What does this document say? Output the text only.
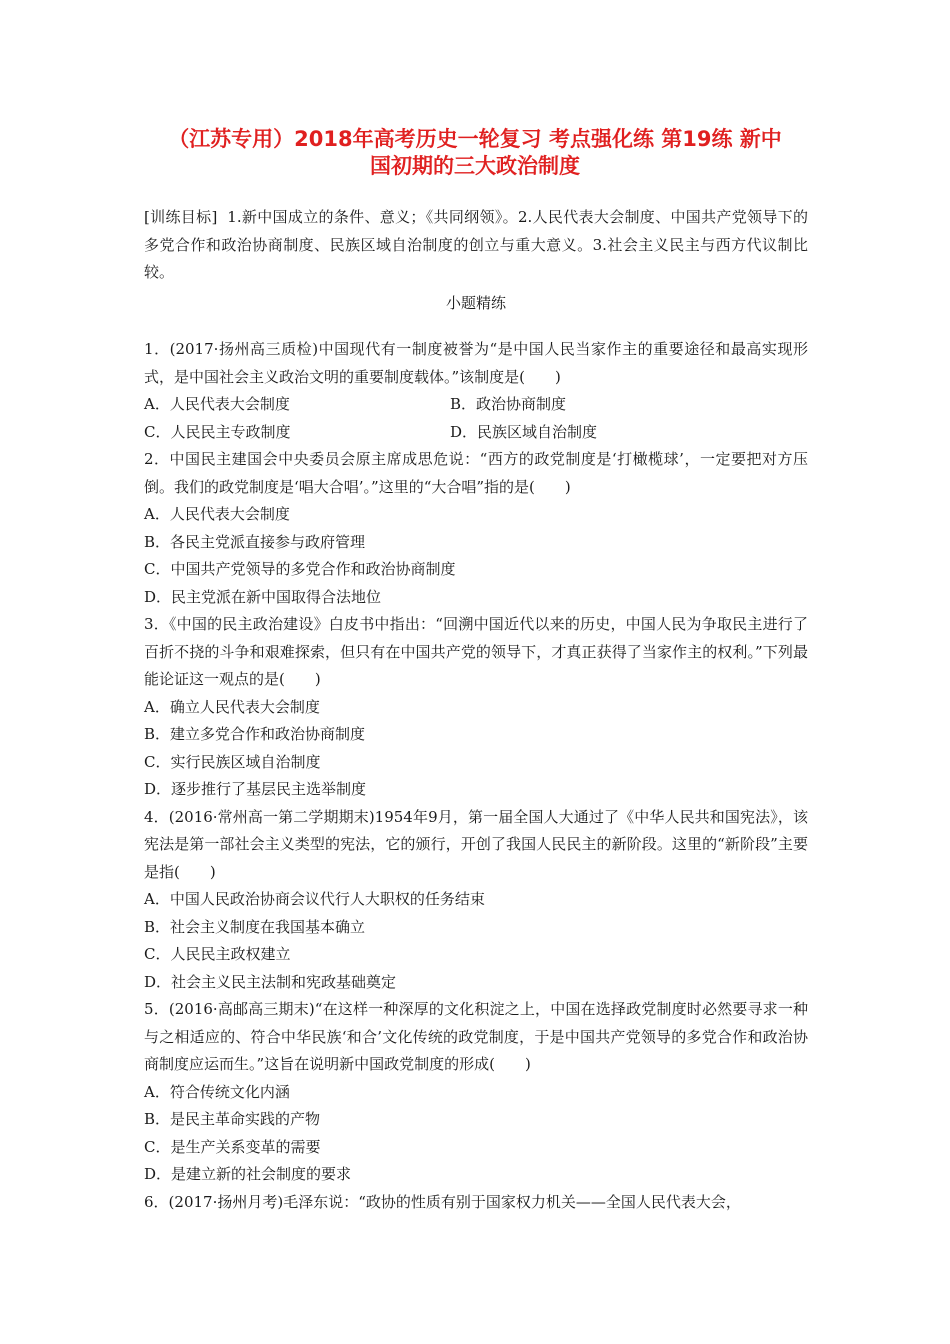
（江苏专用）2018年高考历史一轮复习 考点强化练 第19练 新中
国初期的三大政治制度
[训练目标] 1.新中国成立的条件、意义；《共同纲领》。2.人民代表大会制度、中国共产党领导下的多党合作和政治协商制度、民族区域自治制度的创立与重大意义。3.社会主义民主与西方代议制比较。
小题精练
1．(2017·扬州高三质检)中国现代有一制度被誉为“是中国人民当家作主的重要途径和最高实现形式，是中国社会主义政治文明的重要制度载体。”该制度是(　　)
A．人民代表大会制度	B．政治协商制度
C．人民民主专政制度	D．民族区域自治制度
2．中国民主建国会中央委员会原主席成思危说：“西方的政党制度是‘打橄榄球’，一定要把对方压倒。我们的政党制度是‘唱大合唱’。”这里的“大合唱”指的是(　　)
A．人民代表大会制度
B．各民主党派直接参与政府管理
C．中国共产党领导的多党合作和政治协商制度
D．民主党派在新中国取得合法地位
3．《中国的民主政治建设》白皮书中指出：“回溯中国近代以来的历史，中国人民为争取民主进行了百折不挠的斗争和艰难探索，但只有在中国共产党的领导下，才真正获得了当家作主的权利。”下列最能论证这一观点的是(　　)
A．确立人民代表大会制度
B．建立多党合作和政治协商制度
C．实行民族区域自治制度
D．逐步推行了基层民主选举制度
4．(2016·常州高一第二学期期末)1954年9月，第一届全国人大通过了《中华人民共和国宪法》，该宪法是第一部社会主义类型的宪法，它的颁行，开创了我国人民民主的新阶段。这里的“新阶段”主要是指(　　)
A．中国人民政治协商会议代行人大职权的任务结束
B．社会主义制度在我国基本确立
C．人民民主政权建立
D．社会主义民主法制和宪政基础奠定
5．(2016·高邮高三期末)“在这样一种深厚的文化积淀之上，中国在选择政党制度时必然要寻求一种与之相适应的、符合中华民族‘和合’文化传统的政党制度，于是中国共产党领导的多党合作和政治协商制度应运而生。”这旨在说明新中国政党制度的形成(　　)
A．符合传统文化内涵
B．是民主革命实践的产物
C．是生产关系变革的需要
D．是建立新的社会制度的要求
6．(2017·扬州月考)毛泽东说：“政协的性质有别于国家权力机关——全国人民代表大会，
